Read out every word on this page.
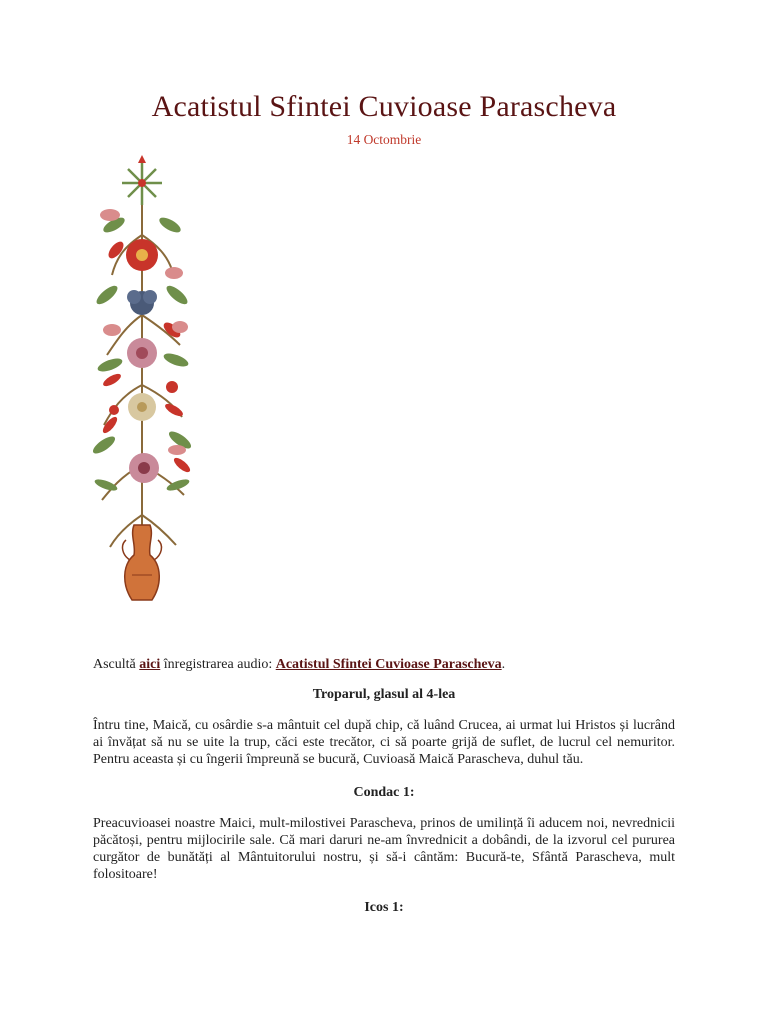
Acatistul Sfintei Cuvioase Parascheva
14 Octombrie

Ascultă aici înregistrarea audio: Acatistul Sfintei Cuvioase Parascheva.

Troparul, glasul al 4-lea

Întru tine, Maică, cu osârdie s-a mântuit cel după chip, că luând Crucea, ai urmat lui Hristos și lucrând ai învățat să nu se uite la trup, căci este trecător, ci să poarte grijă de suflet, de lucrul cel nemuritor. Pentru aceasta și cu îngerii împreună se bucură, Cuvioasă Maică Parascheva, duhul tău.

Condac 1:

Preacuvioasei noastre Maici, mult-milostivei Parascheva, prinos de umilință îi aducem noi, nevrednicii păcătoși, pentru mijlocirile sale. Că mari daruri ne-am învrednicit a dobândi, de la izvorul cel pururea curgător de bunătăți al Mântuitorului nostru, și să-i cântăm: Bucură-te, Sfântă Parascheva, mult folositoare!

Icos 1:
